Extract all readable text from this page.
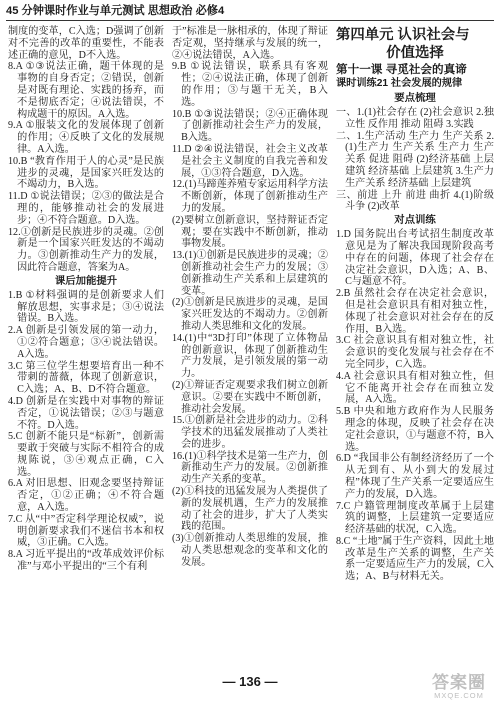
45 分钟课时作业与单元测试 思想政治 必修4

制度的变革，C入选；D强调了创新对不完善的改革的重要性，不能表述正确的意见，D不入选。

8.A ①③说法正确，题干体现的是事物的自身否定；②错误，创新是对既有理论、实践的扬弃，而不是彻底否定；④说法错误，不构成题干的原因。A入选。

9.A ①服装文化的发展体现了创新的作用；④反映了文化的发展规律。A入选。

10.B “教育作用于人的心灵”是民族进步的灵魂，是国家兴旺发达的不竭动力，B入选。

11.D ①说法错误；②③的做法是合理的，能够推动社会的发展进步；④不符合题意。D入选。

12.①创新是民族进步的灵魂。②创新是一个国家兴旺发达的不竭动力。③创新推动生产力的发展，因此符合题意，答案为A。

课后加能提升

1.B ①材料强调的是创新要求人们解放思想，实事求是；③④说法错误。B入选。

2.A 创新是引领发展的第一动力，①②符合题意；③④说法错误。A入选。

3.C 第三位学生想要培育出一种不带刺的蔷薇，体现了创新意识，C入选；A、B、D不符合题意。

4.D 创新是在实践中对事物的辩证否定，①说法错误；②③与题意不符。D入选。

5.C 创新不能只是“标新”，创新需要敢于突破与实际不相符合的成规陈说，③④观点正确，C入选。

6.A 对旧思想、旧观念要坚持辩证否定，①②正确；④不符合题意，A入选。

7.C 从“中”否定科学理论权威”，说明创新要求我们不迷信书本和权威，③正确。C入选。

8.A 习近平提出的“改革成效评价标准”与邓小平提出的“三个有利

于”标准是一脉相承的，体现了辩证否定观，坚持继承与发展的统一，②④说法错误，A入选。

9.B ①说法错误，联系具有客观性；②④说法正确，体现了创新的作用；③与题干无关，B入选。

10.B ①③说法错误；②④正确体现了创新推动社会生产力的发展，B入选。

11.D ②④说法错误，社会主义改革是社会主义制度的自我完善和发展，①③符合题意，D入选。

12.(1)马蹄莲养殖专家运用科学方法不断创新，体现了创新推动生产力的发展。

(2)要树立创新意识，坚持辩证否定观；要在实践中不断创新，推动事物发展。

13.(1)①创新是民族进步的灵魂；②创新推动社会生产力的发展；③创新推动生产关系和上层建筑的变革。

(2)①创新是民族进步的灵魂，是国家兴旺发达的不竭动力。②创新推动人类思维和文化的发展。

14.(1)中“3D打印”体现了立体物品的创新意识，体现了创新推动生产力发展，是引领发展的第一动力。

(2)①辩证否定观要求我们树立创新意识。②要在实践中不断创新，推动社会发展。

15.①创新是社会进步的动力。②科学技术的迅猛发展推动了人类社会的进步。

16.(1)①科学技术是第一生产力，创新推动生产力的发展。②创新推动生产关系的变革。

(2)①科技的迅猛发展为人类提供了新的发展机遇，生产力的发展推动了社会的进步，扩大了人类实践的范围。

(3)①创新推动人类思维的发展，推动人类思想观念的变革和文化的发展。

第四单元 认识社会与
价值选择
第十一课 寻觅社会的真谛
课时训练21 社会发展的规律
要点梳理

一、1.(1)社会存在 (2)社会意识 2.独立性 反作用 推动 阻碍 3.实践

二、1.生产活动 生产力 生产关系 2.(1)生产力 生产关系 生产力 生产关系 促进 阻碍 (2)经济基础 上层建筑 经济基础 上层建筑 3.生产力 生产关系 经济基础 上层建筑

三、前进 上升 前进 曲折 4.(1)阶级斗争 (2)改革

对点训练

1.D 国务院出台考试招生制度改革意见是为了解决我国现阶段高考中存在的问题，体现了社会存在决定社会意识，D入选；A、B、C与题意不符。

2.B 虽然社会存在决定社会意识，但是社会意识具有相对独立性，体现了社会意识对社会存在的反作用，B入选。

3.C 社会意识具有相对独立性，社会意识的变化发展与社会存在不完全同步，C入选。

4.A 社会意识具有相对独立性，但它不能离开社会存在而独立发展，A入选。

5.B 中央和地方政府作为人民服务理念的体现，反映了社会存在决定社会意识，①与题意不符，B入选。

6.D “我国非公有制经济经历了一个从无到有、从小到大的发展过程”体现了生产关系一定要适应生产力的发展，D入选。

7.C 户籍管理制度改革属于上层建筑的调整，上层建筑一定要适应经济基础的状况，C入选。

8.C “土地”属于生产资料，因此土地改革是生产关系的调整，生产关系一定要适应生产力的发展，C入选；A、B与材料无关。

— 136 —	答案圈
MXQE.COM
